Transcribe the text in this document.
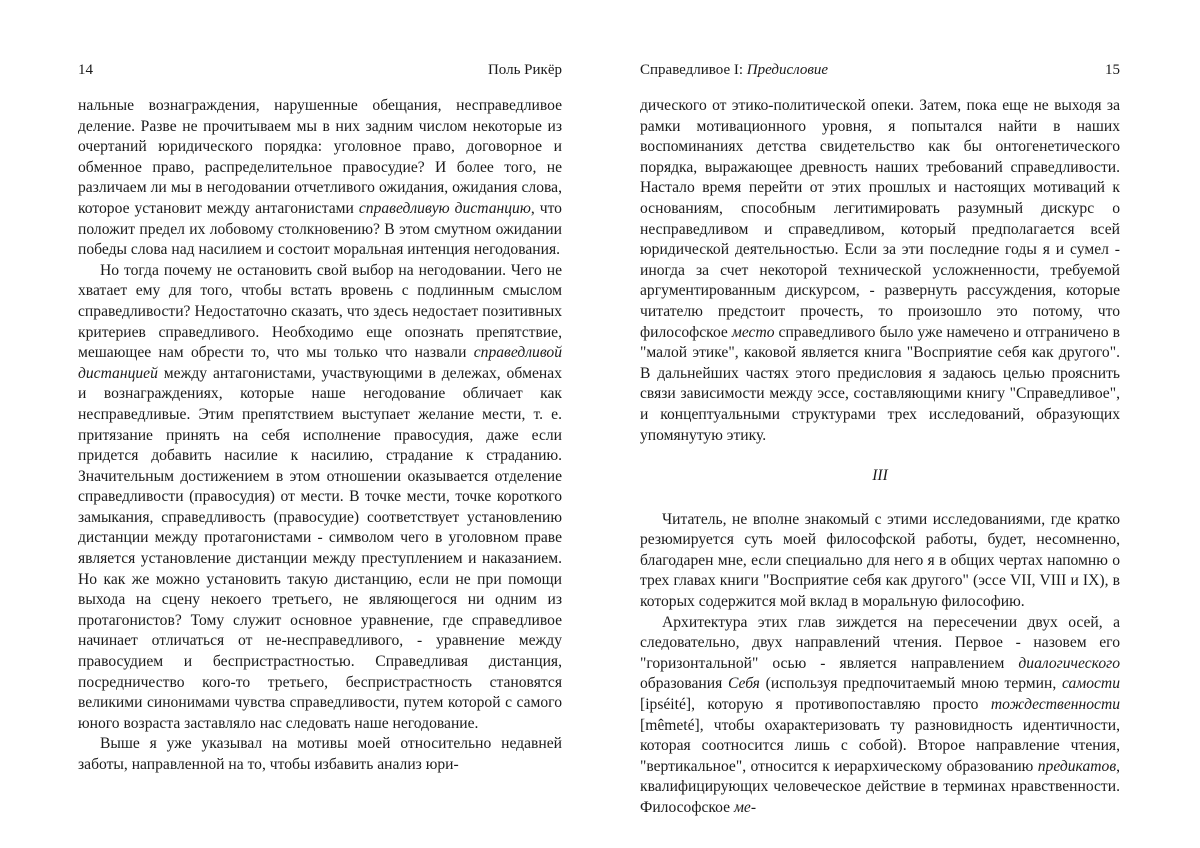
14	Поль Рикёр

нальные вознаграждения, нарушенные обещания, несправедливое деление. Разве не прочитываем мы в них задним числом некоторые из очертаний юридического порядка: уголовное право, договорное и обменное право, распределительное правосудие? И более того, не различаем ли мы в негодовании отчетливого ожидания, ожидания слова, которое установит между антагонистами справедливую дистанцию, что положит предел их лобовому столкновению? В этом смутном ожидании победы слова над насилием и состоит моральная интенция негодования.

Но тогда почему не остановить свой выбор на негодовании. Чего не хватает ему для того, чтобы встать вровень с подлинным смыслом справедливости? Недостаточно сказать, что здесь недостает позитивных критериев справедливого. Необходимо еще опознать препятствие, мешающее нам обрести то, что мы только что назвали справедливой дистанцией между антагонистами, участвующими в дележах, обменах и вознаграждениях, которые наше негодование обличает как несправедливые. Этим препятствием выступает желание мести, т. е. притязание принять на себя исполнение правосудия, даже если придется добавить насилие к насилию, страдание к страданию. Значительным достижением в этом отношении оказывается отделение справедливости (правосудия) от мести. В точке мести, точке короткого замыкания, справедливость (правосудие) соответствует установлению дистанции между протагонистами - символом чего в уголовном праве является установление дистанции между преступлением и наказанием. Но как же можно установить такую дистанцию, если не при помощи выхода на сцену некоего третьего, не являющегося ни одним из протагонистов? Тому служит основное уравнение, где справедливое начинает отличаться от не-несправедливого, - уравнение между правосудием и беспристрастностью. Справедливая дистанция, посредничество кого-то третьего, беспристрастность становятся великими синонимами чувства справедливости, путем которой с самого юного возраста заставляло нас следовать наше негодование.

Выше я уже указывал на мотивы моей относительно недавней заботы, направленной на то, чтобы избавить анализ юри-

Справедливое I: Предисловие	15

дического от этико-политической опеки. Затем, пока еще не выходя за рамки мотивационного уровня, я попытался найти в наших воспоминаниях детства свидетельство как бы онтогенетического порядка, выражающее древность наших требований справедливости. Настало время перейти от этих прошлых и настоящих мотиваций к основаниям, способным легитимировать разумный дискурс о несправедливом и справедливом, который предполагается всей юридической деятельностью. Если за эти последние годы я и сумел - иногда за счет некоторой технической усложненности, требуемой аргументированным дискурсом, - развернуть рассуждения, которые читателю предстоит прочесть, то произошло это потому, что философское место справедливого было уже намечено и отграничено в "малой этике", каковой является книга "Восприятие себя как другого". В дальнейших частях этого предисловия я задаюсь целью прояснить связи зависимости между эссе, составляющими книгу "Справедливое", и концептуальными структурами трех исследований, образующих упомянутую этику.

III

Читатель, не вполне знакомый с этими исследованиями, где кратко резюмируется суть моей философской работы, будет, несомненно, благодарен мне, если специально для него я в общих чертах напомню о трех главах книги "Восприятие себя как другого" (эссе VII, VIII и IX), в которых содержится мой вклад в моральную философию.

Архитектура этих глав зиждется на пересечении двух осей, а следовательно, двух направлений чтения. Первое - назовем его "горизонтальной" осью - является направлением диалогического образования Себя (используя предпочитаемый мною термин, самости [ipséité], которую я противопоставляю просто тождественности [mêmeté], чтобы охарактеризовать ту разновидность идентичности, которая соотносится лишь с собой). Второе направление чтения, "вертикальное", относится к иерархическому образованию предикатов, квалифицирующих человеческое действие в терминах нравственности. Философское ме-
